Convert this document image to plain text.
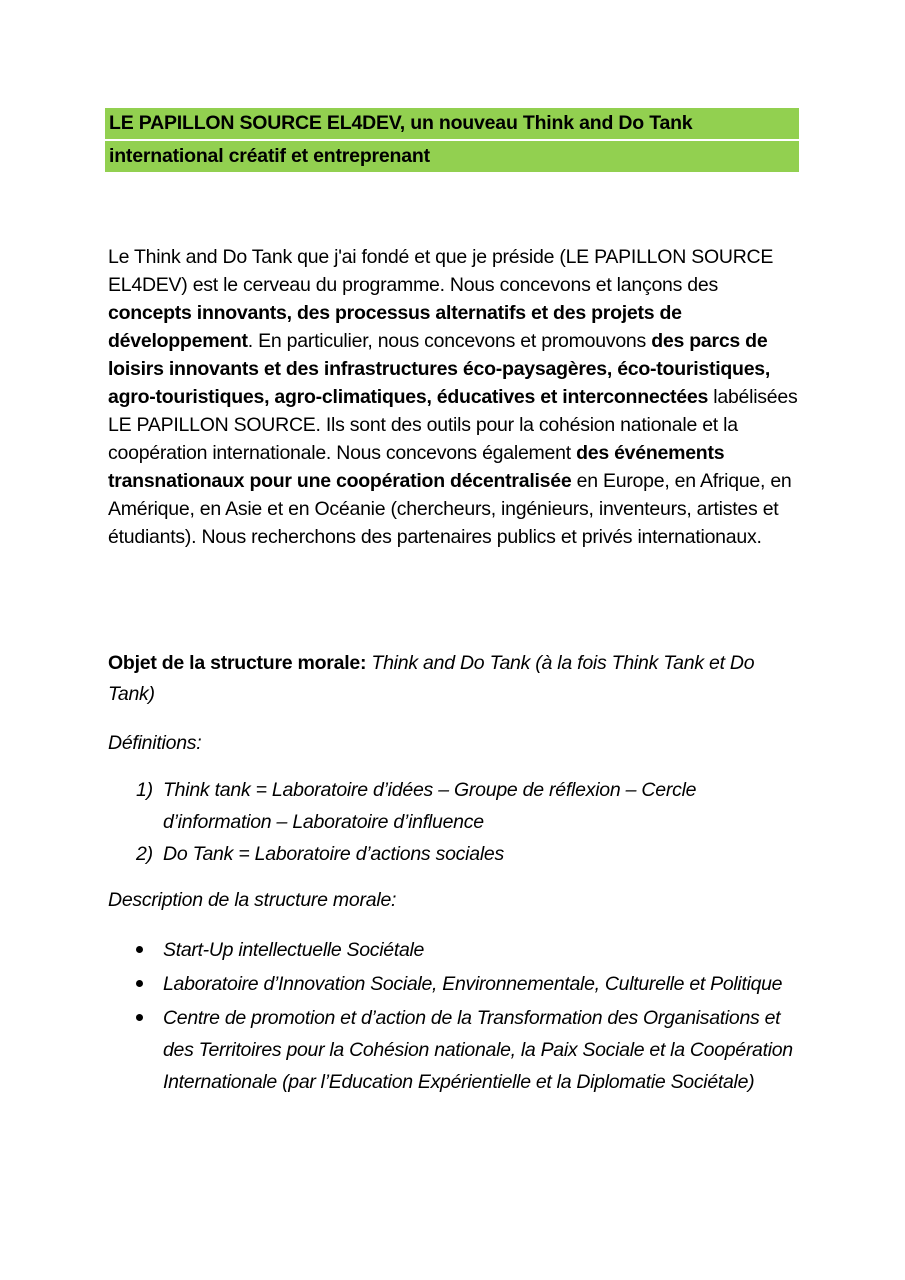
LE PAPILLON SOURCE EL4DEV, un nouveau Think and Do Tank
international créatif et entreprenant

Le Think and Do Tank que j'ai fondé et que je préside (LE PAPILLON SOURCE EL4DEV) est le cerveau du programme. Nous concevons et lançons des concepts innovants, des processus alternatifs et des projets de développement. En particulier, nous concevons et promouvons des parcs de loisirs innovants et des infrastructures éco-paysagères, éco-touristiques, agro-touristiques, agro-climatiques, éducatives et interconnectées labélisées LE PAPILLON SOURCE. Ils sont des outils pour la cohésion nationale et la coopération internationale. Nous concevons également des événements transnationaux pour une coopération décentralisée en Europe, en Afrique, en Amérique, en Asie et en Océanie (chercheurs, ingénieurs, inventeurs, artistes et étudiants). Nous recherchons des partenaires publics et privés internationaux.

Objet de la structure morale: Think and Do Tank (à la fois Think Tank et Do Tank)

Définitions:

1) Think tank = Laboratoire d’idées – Groupe de réflexion – Cercle d’information – Laboratoire d’influence
2) Do Tank = Laboratoire d’actions sociales

Description de la structure morale:

Start-Up intellectuelle Sociétale
Laboratoire d’Innovation Sociale, Environnementale, Culturelle et Politique
Centre de promotion et d’action de la Transformation des Organisations et des Territoires pour la Cohésion nationale, la Paix Sociale et la Coopération Internationale (par l’Education Expérientielle et la Diplomatie Sociétale)
